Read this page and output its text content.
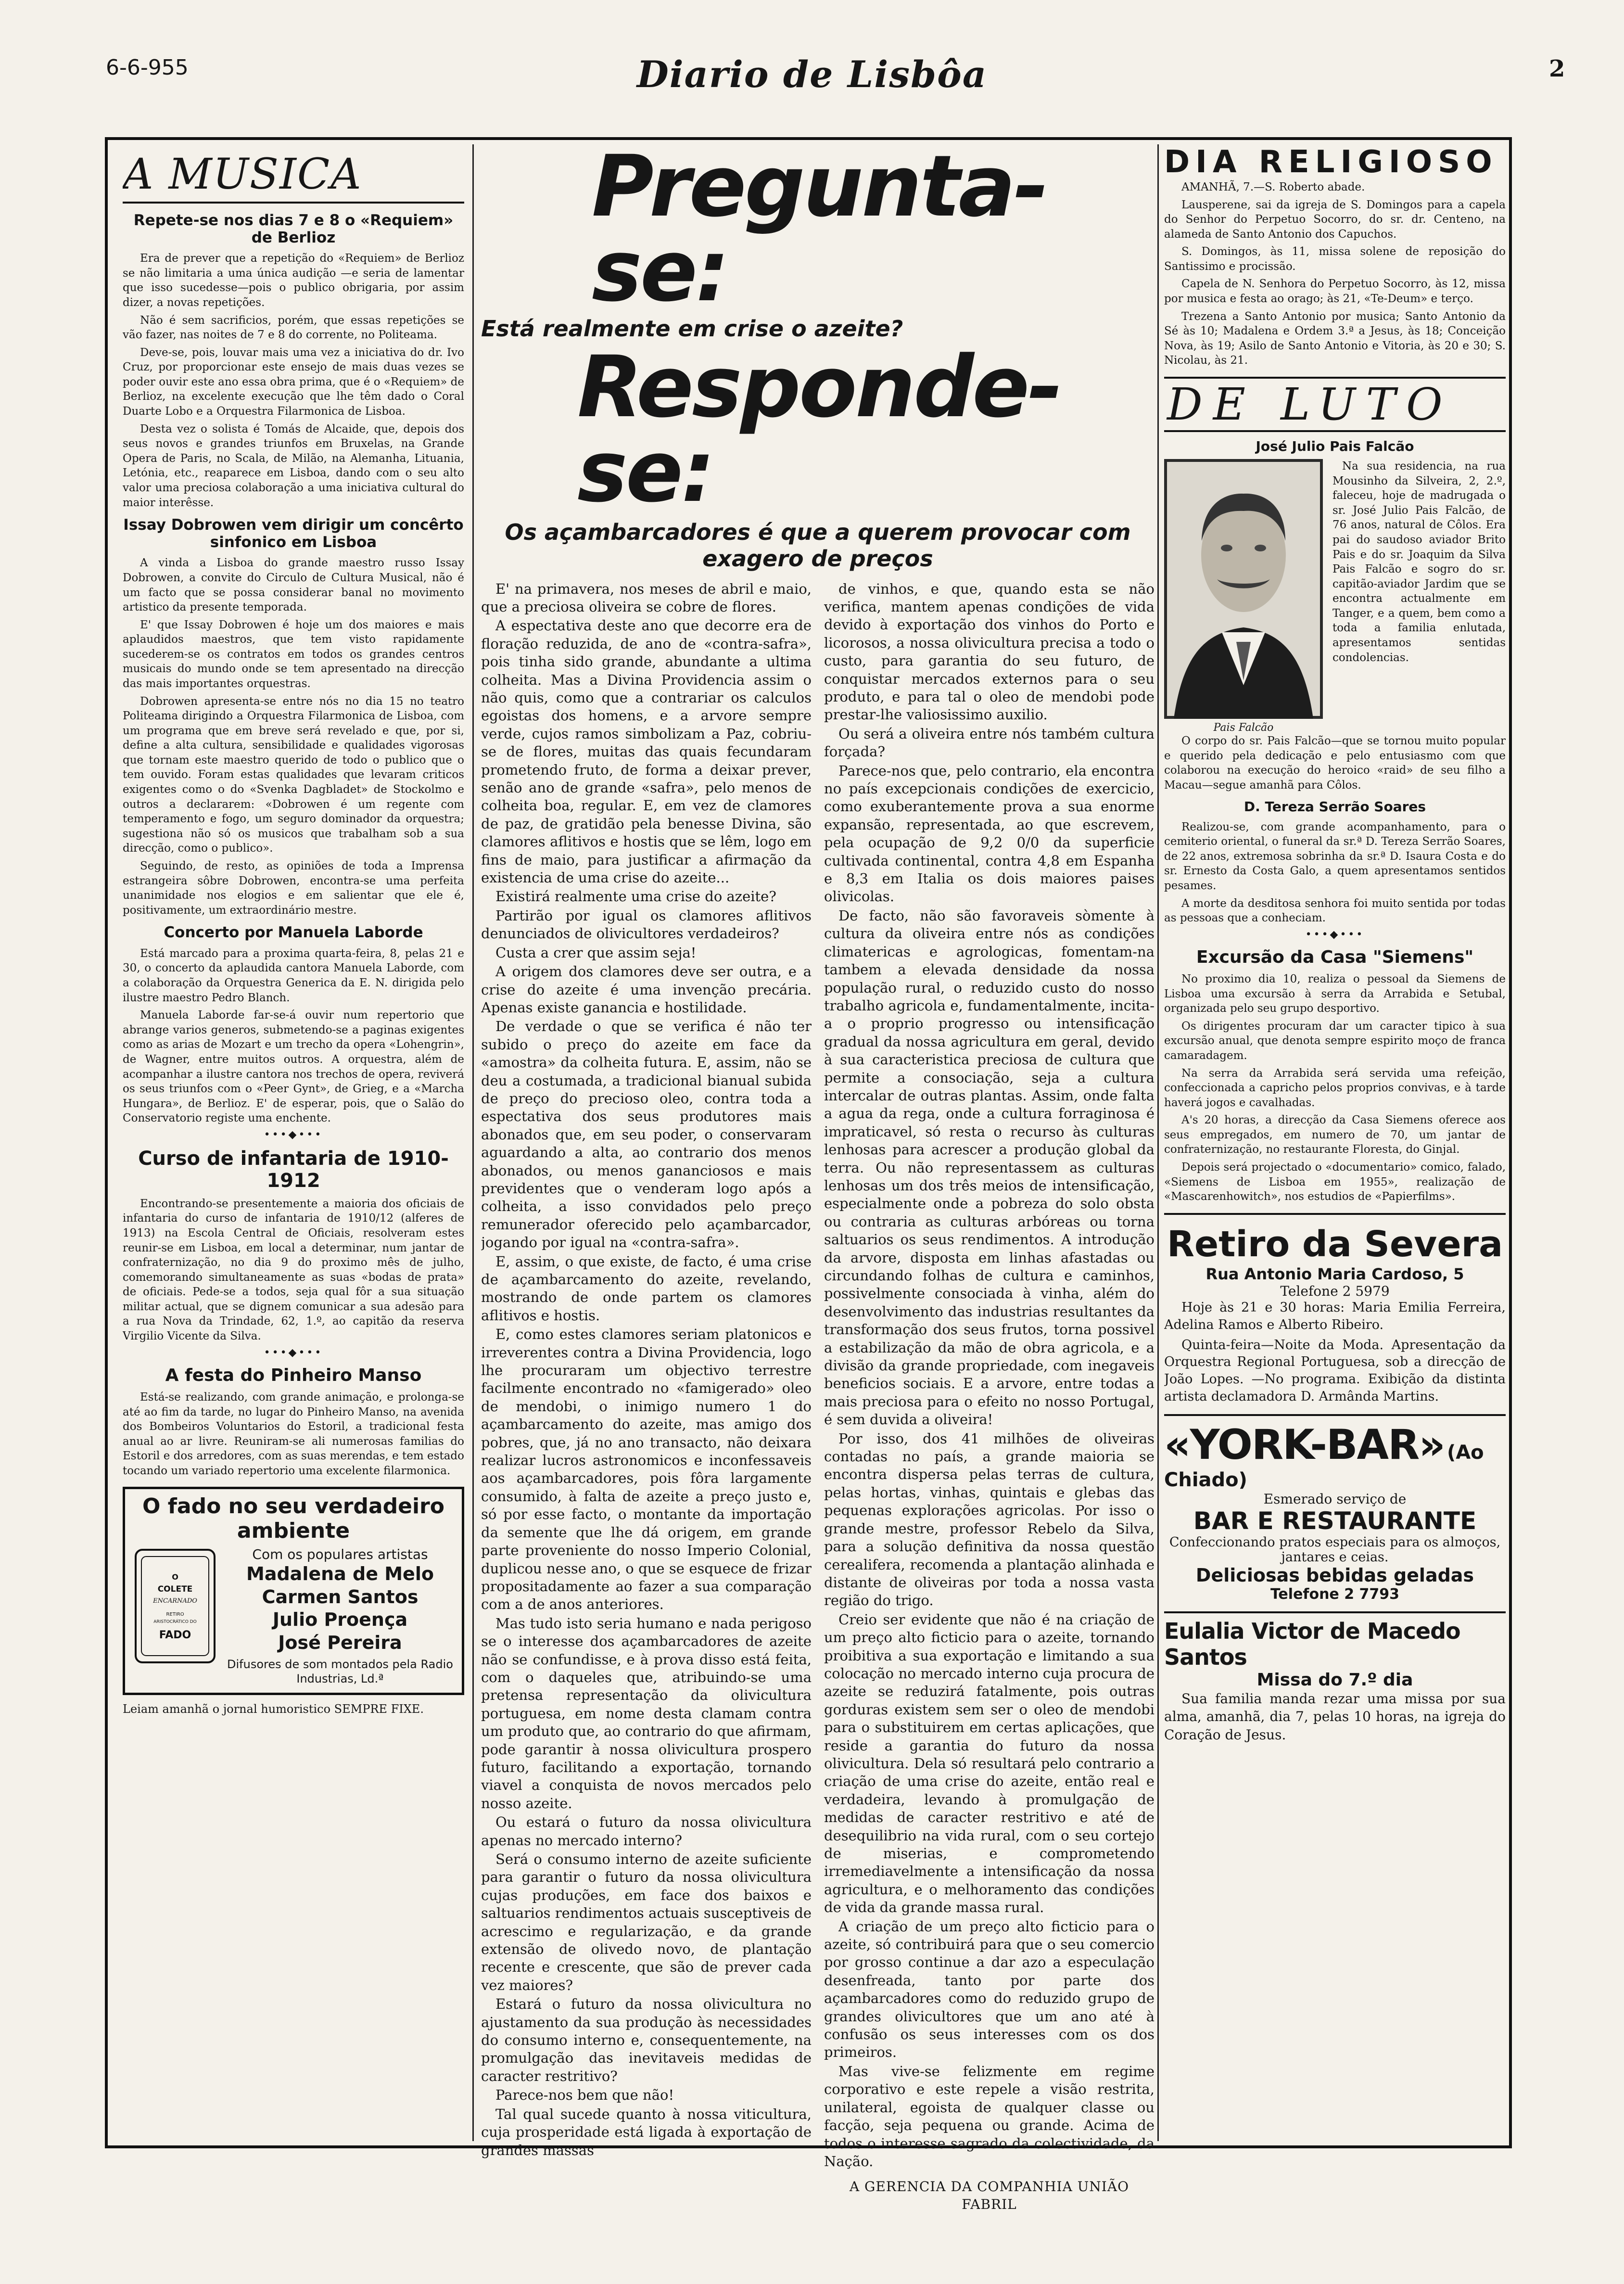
6-6-955	Diario de Lisbôa	2
A MUSICA
Repete-se nos dias 7 e 8 o «Requiem» de Berlioz

Era de prever que a repetição do «Requiem» de Berlioz se não limitaria a uma única audição —e seria de lamentar que isso sucedesse—pois o publico obrigaria, por assim dizer, a novas repetições.

Não é sem sacrificios, porém, que essas repetições se vão fazer, nas noites de 7 e 8 do corrente, no Politeama.

Deve-se, pois, louvar mais uma vez a iniciativa do dr. Ivo Cruz, por proporcionar este ensejo de mais duas vezes se poder ouvir este ano essa obra prima, que é o «Requiem» de Berlioz, na excelente execução que lhe têm dado o Coral Duarte Lobo e a Orquestra Filarmonica de Lisboa.

Desta vez o solista é Tomás de Alcaide, que, depois dos seus novos e grandes triunfos em Bruxelas, na Grande Opera de Paris, no Scala, de Milão, na Alemanha, Lituania, Letónia, etc., reaparece em Lisboa, dando com o seu alto valor uma preciosa colaboração a uma iniciativa cultural do maior interêsse.

Issay Dobrowen vem dirigir um concêrto sinfonico em Lisboa

A vinda a Lisboa do grande maestro russo Issay Dobrowen, a convite do Circulo de Cultura Musical, não é um facto que se possa considerar banal no movimento artistico da presente temporada.

E' que Issay Dobrowen é hoje um dos maiores e mais aplaudidos maestros, que tem visto rapidamente sucederem-se os contratos em todos os grandes centros musicais do mundo onde se tem apresentado na direcção das mais importantes orquestras.

Dobrowen apresenta-se entre nós no dia 15 no teatro Politeama dirigindo a Orquestra Filarmonica de Lisboa, com um programa que em breve será revelado e que, por si, define a alta cultura, sensibilidade e qualidades vigorosas que tornam este maestro querido de todo o publico que o tem ouvido. Foram estas qualidades que levaram criticos exigentes como o do «Svenka Dagbladet» de Stockolmo e outros a declararem: «Dobrowen é um regente com temperamento e fogo, um seguro dominador da orquestra; sugestiona não só os musicos que trabalham sob a sua direcção, como o publico».

Seguindo, de resto, as opiniões de toda a Imprensa estrangeira sôbre Dobrowen, encontra-se uma perfeita unanimidade nos elogios e em salientar que ele é, positivamente, um extraordinário mestre.

Concerto por Manuela Laborde

Está marcado para a proxima quarta-feira, 8, pelas 21 e 30, o concerto da aplaudida cantora Manuela Laborde, com a colaboração da Orquestra Generica da E. N. dirigida pelo ilustre maestro Pedro Blanch.

Manuela Laborde far-se-á ouvir num repertorio que abrange varios generos, submetendo-se a paginas exigentes como as arias de Mozart e um trecho da opera «Lohengrin», de Wagner, entre muitos outros. A orquestra, além de acompanhar a ilustre cantora nos trechos de opera, reviverá os seus triunfos com o «Peer Gynt», de Grieg, e a «Marcha Hungara», de Berlioz. E' de esperar, pois, que o Salão do Conservatorio registe uma enchente.

•••◆•••
Curso de infantaria de 1910-1912

Encontrando-se presentemente a maioria dos oficiais de infantaria do curso de infantaria de 1910/12 (alferes de 1913) na Escola Central de Oficiais, resolveram estes reunir-se em Lisboa, em local a determinar, num jantar de confraternização, no dia 9 do proximo mês de julho, comemorando simultaneamente as suas «bodas de prata» de oficiais. Pede-se a todos, seja qual fôr a sua situação militar actual, que se dignem comunicar a sua adesão para a rua Nova da Trindade, 62, 1.º, ao capitão da reserva Virgilio Vicente da Silva.

•••◆•••
A festa do Pinheiro Manso

Está-se realizando, com grande animação, e prolonga-se até ao fim da tarde, no lugar do Pinheiro Manso, na avenida dos Bombeiros Voluntarios do Estoril, a tradicional festa anual ao ar livre. Reuniram-se ali numerosas familias do Estoril e dos arredores, com as suas merendas, e tem estado tocando um variado repertorio uma excelente filarmonica.

O fado no seu verdadeiro ambiente
O
COLETE
ENCARNADO
RETIRO
ARISTOCRÁTICO DO
FADO
Com os populares artistas
Madalena de Melo
Carmen Santos
Julio Proença
José Pereira
Difusores de som montados pela Radio Industrias, Ld.ª
Leiam amanhã o jornal humoristico SEMPRE FIXE.
Pregunta-se:
Está realmente em crise o azeite?
Responde-se:
Os açambarcadores é que a querem provocar com exagero de preços

E' na primavera, nos meses de abril e maio, que a preciosa oliveira se cobre de flores.

A espectativa deste ano que decorre era de floração reduzida, de ano de «contra-safra», pois tinha sido grande, abundante a ultima colheita. Mas a Divina Providencia assim o não quis, como que a contrariar os calculos egoistas dos homens, e a arvore sempre verde, cujos ramos simbolizam a Paz, cobriu-se de flores, muitas das quais fecundaram prometendo fruto, de forma a deixar prever, senão ano de grande «safra», pelo menos de colheita boa, regular. E, em vez de clamores de paz, de gratidão pela benesse Divina, são clamores aflitivos e hostis que se lêm, logo em fins de maio, para justificar a afirmação da existencia de uma crise do azeite...

Existirá realmente uma crise do azeite?

Partirão por igual os clamores aflitivos denunciados de olivicultores verdadeiros?

Custa a crer que assim seja!

A origem dos clamores deve ser outra, e a crise do azeite é uma invenção precária. Apenas existe ganancia e hostilidade.

De verdade o que se verifica é não ter subido o preço do azeite em face da «amostra» da colheita futura. E, assim, não se deu a costumada, a tradicional bianual subida de preço do precioso oleo, contra toda a espectativa dos seus produtores mais abonados que, em seu poder, o conservaram aguardando a alta, ao contrario dos menos abonados, ou menos gananciosos e mais previdentes que o venderam logo após a colheita, a isso convidados pelo preço remunerador oferecido pelo açambarcador, jogando por igual na «contra-safra».

E, assim, o que existe, de facto, é uma crise de açambarcamento do azeite, revelando, mostrando de onde partem os clamores aflitivos e hostis.

E, como estes clamores seriam platonicos e irreverentes contra a Divina Providencia, logo lhe procuraram um objectivo terrestre facilmente encontrado no «famigerado» oleo de mendobi, o inimigo numero 1 do açambarcamento do azeite, mas amigo dos pobres, que, já no ano transacto, não deixara realizar lucros astronomicos e inconfessaveis aos açambarcadores, pois fôra largamente consumido, à falta de azeite a preço justo e, só por esse facto, o montante da importação da semente que lhe dá origem, em grande parte proveniente do nosso Imperio Colonial, duplicou nesse ano, o que se esquece de frizar propositadamente ao fazer a sua comparação com a de anos anteriores.

Mas tudo isto seria humano e nada perigoso se o interesse dos açambarcadores de azeite não se confundisse, e à prova disso está feita, com o daqueles que, atribuindo-se uma pretensa representação da olivicultura portuguesa, em nome desta clamam contra um produto que, ao contrario do que afirmam, pode garantir à nossa olivicultura prospero futuro, facilitando a exportação, tornando viavel a conquista de novos mercados pelo nosso azeite.

Ou estará o futuro da nossa olivicultura apenas no mercado interno?

Será o consumo interno de azeite suficiente para garantir o futuro da nossa olivicultura cujas produções, em face dos baixos e saltuarios rendimentos actuais susceptiveis de acrescimo e regularização, e da grande extensão de olivedo novo, de plantação recente e crescente, que são de prever cada vez maiores?

Estará o futuro da nossa olivicultura no ajustamento da sua produção às necessidades do consumo interno e, consequentemente, na promulgação das inevitaveis medidas de caracter restritivo?

Parece-nos bem que não!

Tal qual sucede quanto à nossa viticultura, cuja prosperidade está ligada à exportação de grandes massas

de vinhos, e que, quando esta se não verifica, mantem apenas condições de vida devido à exportação dos vinhos do Porto e licorosos, a nossa olivicultura precisa a todo o custo, para garantia do seu futuro, de conquistar mercados externos para o seu produto, e para tal o oleo de mendobi pode prestar-lhe valiosissimo auxilio.

Ou será a oliveira entre nós também cultura forçada?

Parece-nos que, pelo contrario, ela encontra no país excepcionais condições de exercicio, como exuberantemente prova a sua enorme expansão, representada, ao que escrevem, pela ocupação de 9,2 0/0 da superficie cultivada continental, contra 4,8 em Espanha e 8,3 em Italia os dois maiores paises olivicolas.

De facto, não são favoraveis sòmente à cultura da oliveira entre nós as condições climatericas e agrologicas, fomentam-na tambem a elevada densidade da nossa população rural, o reduzido custo do nosso trabalho agricola e, fundamentalmente, incita-a o proprio progresso ou intensificação gradual da nossa agricultura em geral, devido à sua caracteristica preciosa de cultura que permite a consociação, seja a cultura intercalar de outras plantas. Assim, onde falta a agua da rega, onde a cultura forraginosa é impraticavel, só resta o recurso às culturas lenhosas para acrescer a produção global da terra. Ou não representassem as culturas lenhosas um dos três meios de intensificação, especialmente onde a pobreza do solo obsta ou contraria as culturas arbóreas ou torna saltuarios os seus rendimentos. A introdução da arvore, disposta em linhas afastadas ou circundando folhas de cultura e caminhos, possivelmente consociada à vinha, além do desenvolvimento das industrias resultantes da transformação dos seus frutos, torna possivel a estabilização da mão de obra agricola, e a divisão da grande propriedade, com inegaveis beneficios sociais. E a arvore, entre todas a mais preciosa para o efeito no nosso Portugal, é sem duvida a oliveira!

Por isso, dos 41 milhões de oliveiras contadas no país, a grande maioria se encontra dispersa pelas terras de cultura, pelas hortas, vinhas, quintais e glebas das pequenas explorações agricolas. Por isso o grande mestre, professor Rebelo da Silva, para a solução definitiva da nossa questão cerealifera, recomenda a plantação alinhada e distante de oliveiras por toda a nossa vasta região do trigo.

Creio ser evidente que não é na criação de um preço alto ficticio para o azeite, tornando proibitiva a sua exportação e limitando a sua colocação no mercado interno cuja procura de azeite se reduzirá fatalmente, pois outras gorduras existem sem ser o oleo de mendobi para o substituirem em certas aplicações, que reside a garantia do futuro da nossa olivicultura. Dela só resultará pelo contrario a criação de uma crise do azeite, então real e verdadeira, levando à promulgação de medidas de caracter restritivo e até de desequilibrio na vida rural, com o seu cortejo de miserias, e comprometendo irremediavelmente a intensificação da nossa agricultura, e o melhoramento das condições de vida da grande massa rural.

A criação de um preço alto ficticio para o azeite, só contribuirá para que o seu comercio por grosso continue a dar azo a especulação desenfreada, tanto por parte dos açambarcadores como do reduzido grupo de grandes olivicultores que um ano até à confusão os seus interesses com os dos primeiros.

Mas vive-se felizmente em regime corporativo e este repele a visão restrita, unilateral, egoista de qualquer classe ou facção, seja pequena ou grande. Acima de todos o interesse sagrado da colectividade, da Nação.

A GERENCIA DA COMPANHIA UNIÃO FABRIL
DIA RELIGIOSO

AMANHÃ, 7.—S. Roberto abade.

Lausperene, sai da igreja de S. Domingos para a capela do Senhor do Perpetuo Socorro, do sr. dr. Centeno, na alameda de Santo Antonio dos Capuchos.

S. Domingos, às 11, missa solene de reposição do Santissimo e procissão.

Capela de N. Senhora do Perpetuo Socorro, às 12, missa por musica e festa ao orago; às 21, «Te-Deum» e terço.

Trezena a Santo Antonio por musica; Santo Antonio da Sé às 10; Madalena e Ordem 3.ª a Jesus, às 18; Conceição Nova, às 19; Asilo de Santo Antonio e Vitoria, às 20 e 30; S. Nicolau, às 21.

DE LUTO
José Julio Pais Falcão
Pais Falcão

Na sua residencia, na rua Mousinho da Silveira, 2, 2.º, faleceu, hoje de madrugada o sr. José Julio Pais Falcão, de 76 anos, natural de Côlos. Era pai do saudoso aviador Brito Pais e do sr. Joaquim da Silva Pais Falcão e sogro do sr. capitão-aviador Jardim que se encontra actualmente em Tanger, e a quem, bem como a toda a familia enlutada, apresentamos sentidas condolencias.

O corpo do sr. Pais Falcão—que se tornou muito popular e querido pela dedicação e pelo entusiasmo com que colaborou na execução do heroico «raid» de seu filho a Macau—segue amanhã para Côlos.

D. Tereza Serrão Soares

Realizou-se, com grande acompanhamento, para o cemiterio oriental, o funeral da sr.ª D. Tereza Serrão Soares, de 22 anos, extremosa sobrinha da sr.ª D. Isaura Costa e do sr. Ernesto da Costa Galo, a quem apresentamos sentidos pesames.

A morte da desditosa senhora foi muito sentida por todas as pessoas que a conheciam.

•••◆•••
Excursão da Casa "Siemens"

No proximo dia 10, realiza o pessoal da Siemens de Lisboa uma excursão à serra da Arrabida e Setubal, organizada pelo seu grupo desportivo.

Os dirigentes procuram dar um caracter tipico à sua excursão anual, que denota sempre espirito moço de franca camaradagem.

Na serra da Arrabida será servida uma refeição, confeccionada a capricho pelos proprios convivas, e à tarde haverá jogos e cavalhadas.

A's 20 horas, a direcção da Casa Siemens oferece aos seus empregados, em numero de 70, um jantar de confraternização, no restaurante Floresta, do Ginjal.

Depois será projectado o «documentario» comico, falado, «Siemens de Lisboa em 1955», realização de «Mascarenhowitch», nos estudios de «Papierfilms».

Retiro da Severa
Rua Antonio Maria Cardoso, 5
Telefone 2 5979

Hoje às 21 e 30 horas: Maria Emilia Ferreira, Adelina Ramos e Alberto Ribeiro.

Quinta-feira—Noite da Moda. Apresentação da Orquestra Regional Portuguesa, sob a direcção de João Lopes. —No programa. Exibição da distinta artista declamadora D. Armânda Martins.

«YORK-BAR» (Ao Chiado)
Esmerado serviço de
BAR E RESTAURANTE
Confeccionando pratos especiais para os almoços, jantares e ceias.
Deliciosas bebidas geladas
Telefone 2 7793
Eulalia Victor de Macedo Santos
Missa do 7.º dia

Sua familia manda rezar uma missa por sua alma, amanhã, dia 7, pelas 10 horas, na igreja do Coração de Jesus.
